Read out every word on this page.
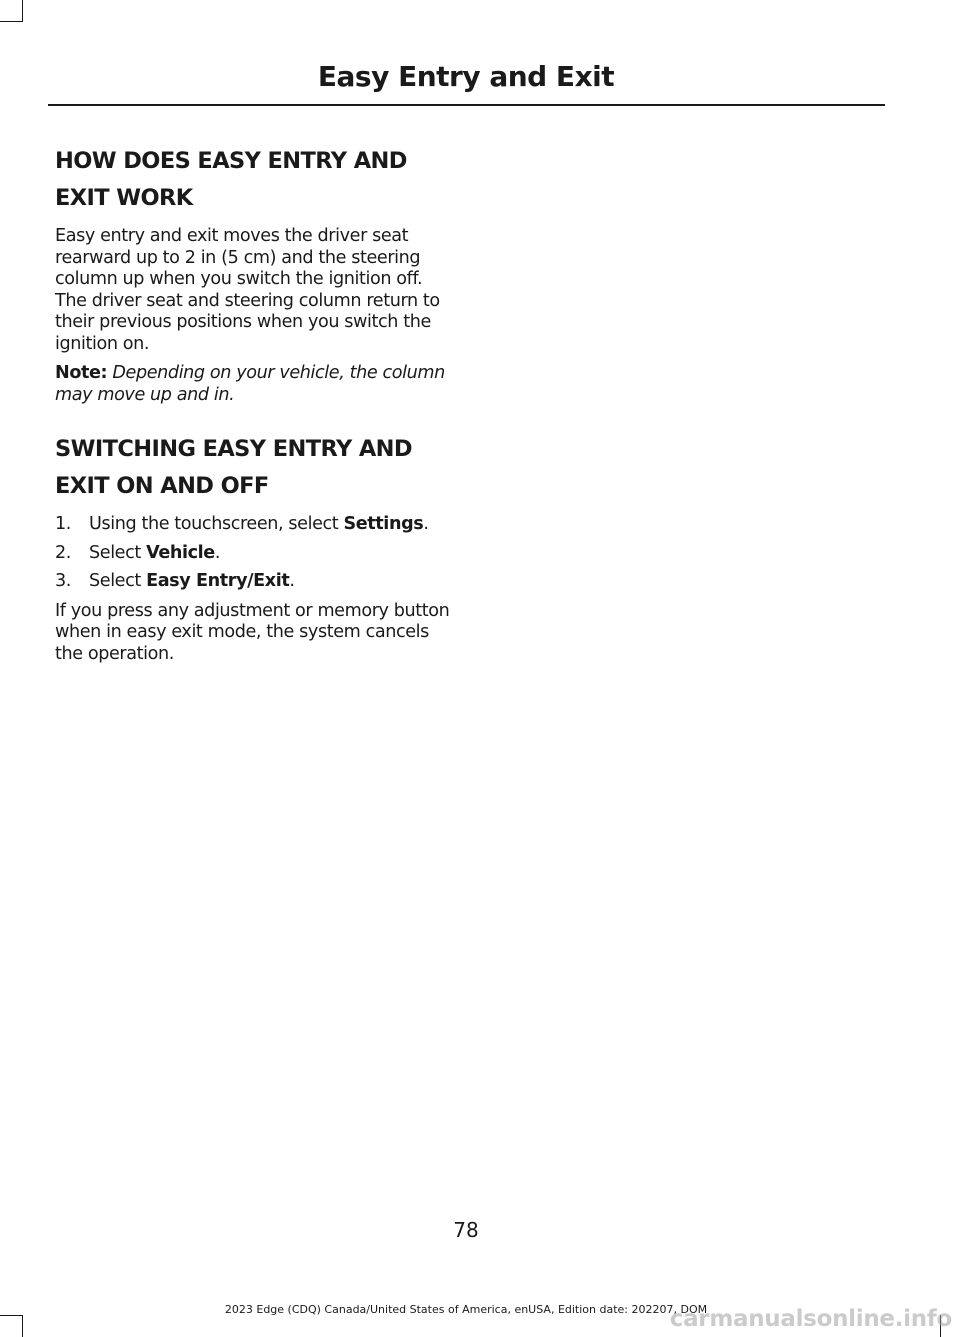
Easy Entry and Exit
HOW DOES EASY ENTRY AND
EXIT WORK

Easy entry and exit moves the driver seat rearward up to 2 in (5 cm) and the steering column up when you switch the ignition off. The driver seat and steering column return to their previous positions when you switch the ignition on.

Note: Depending on your vehicle, the column may move up and in.

SWITCHING EASY ENTRY AND
EXIT ON AND OFF
1. Using the touchscreen, select Settings.
2. Select Vehicle.
3. Select Easy Entry/Exit.

If you press any adjustment or memory button when in easy exit mode, the system cancels the operation.

78
2023 Edge (CDQ) Canada/United States of America, enUSA, Edition date: 202207, DOM
carmanualsonline.info
